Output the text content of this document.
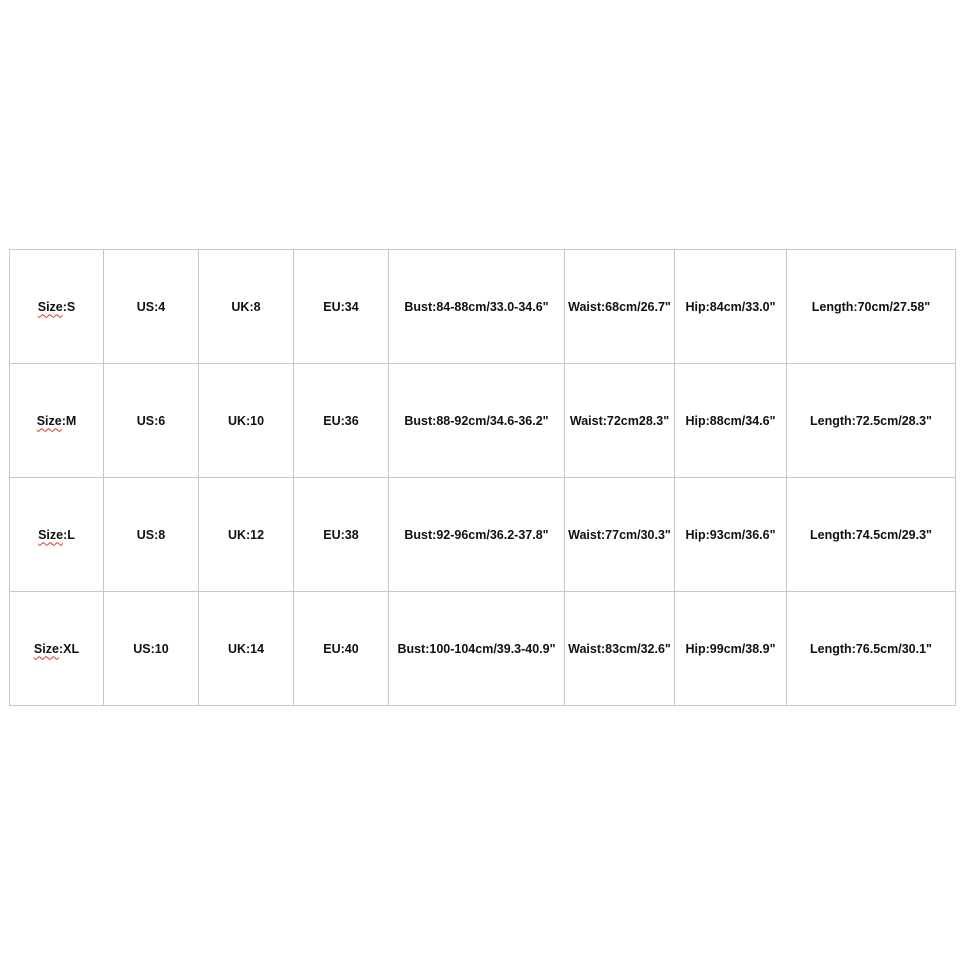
Size:S	US:4	UK:8	EU:34	Bust:84-88cm/33.0-34.6"	Waist:68cm/26.7"	Hip:84cm/33.0"	Length:70cm/27.58"
Size:M	US:6	UK:10	EU:36	Bust:88-92cm/34.6-36.2"	Waist:72cm28.3"	Hip:88cm/34.6"	Length:72.5cm/28.3"
Size:L	US:8	UK:12	EU:38	Bust:92-96cm/36.2-37.8"	Waist:77cm/30.3"	Hip:93cm/36.6"	Length:74.5cm/29.3"
Size:XL	US:10	UK:14	EU:40	Bust:100-104cm/39.3-40.9"	Waist:83cm/32.6"	Hip:99cm/38.9"	Length:76.5cm/30.1"
